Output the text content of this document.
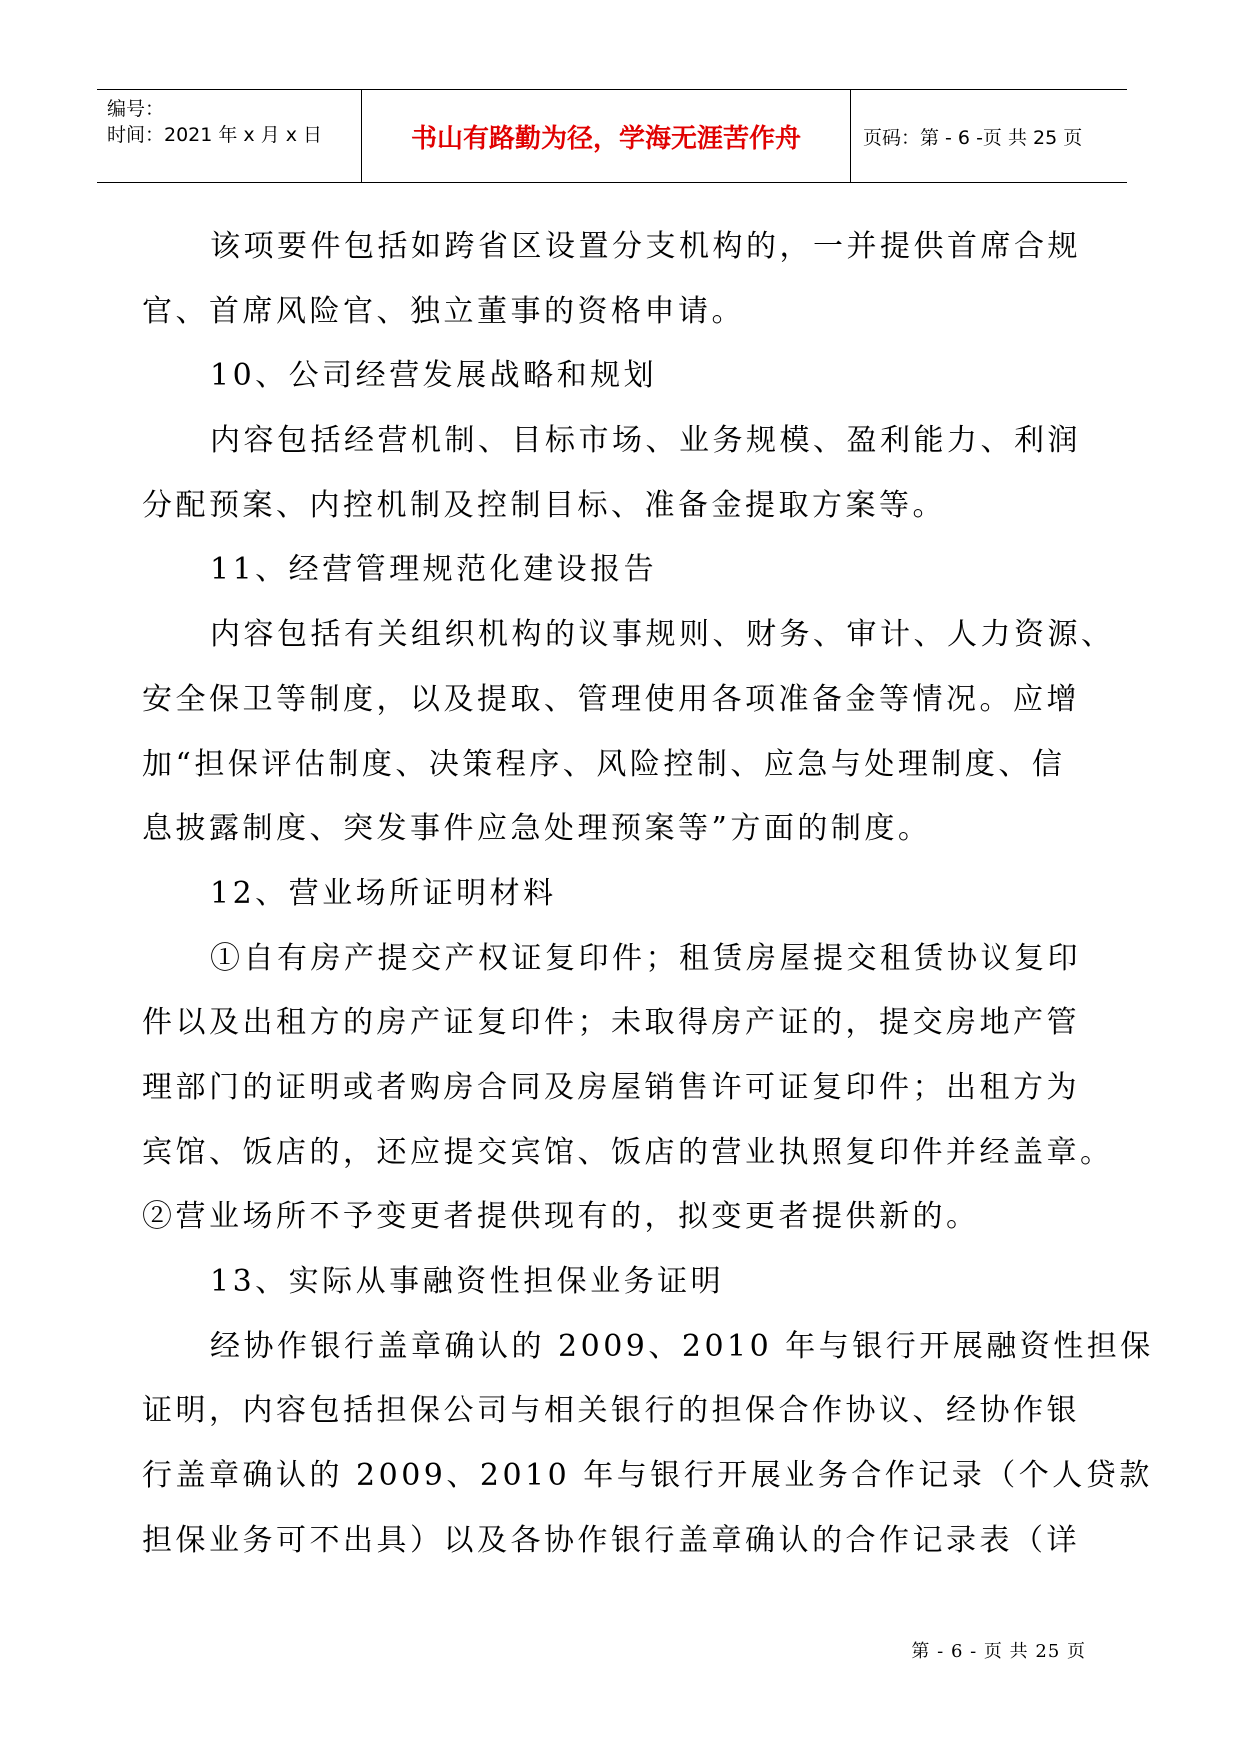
编号：
时间：2021 年 x 月 x 日	书山有路勤为径，学海无涯苦作舟	页码：第 - 6 -页 共 25 页
该项要件包括如跨省区设置分支机构的，一并提供首席合规
官、首席风险官、独立董事的资格申请。
10、公司经营发展战略和规划
内容包括经营机制、目标市场、业务规模、盈利能力、利润
分配预案、内控机制及控制目标、准备金提取方案等。
11、经营管理规范化建设报告
内容包括有关组织机构的议事规则、财务、审计、人力资源、
安全保卫等制度，以及提取、管理使用各项准备金等情况。应增
加“担保评估制度、决策程序、风险控制、应急与处理制度、信
息披露制度、突发事件应急处理预案等”方面的制度。
12、营业场所证明材料
①自有房产提交产权证复印件；租赁房屋提交租赁协议复印
件以及出租方的房产证复印件；未取得房产证的，提交房地产管
理部门的证明或者购房合同及房屋销售许可证复印件；出租方为
宾馆、饭店的，还应提交宾馆、饭店的营业执照复印件并经盖章。
②营业场所不予变更者提供现有的，拟变更者提供新的。
13、实际从事融资性担保业务证明
经协作银行盖章确认的 2009、2010 年与银行开展融资性担保
证明，内容包括担保公司与相关银行的担保合作协议、经协作银
行盖章确认的 2009、2010 年与银行开展业务合作记录（个人贷款
担保业务可不出具）以及各协作银行盖章确认的合作记录表（详
第 - 6 - 页 共 25 页
